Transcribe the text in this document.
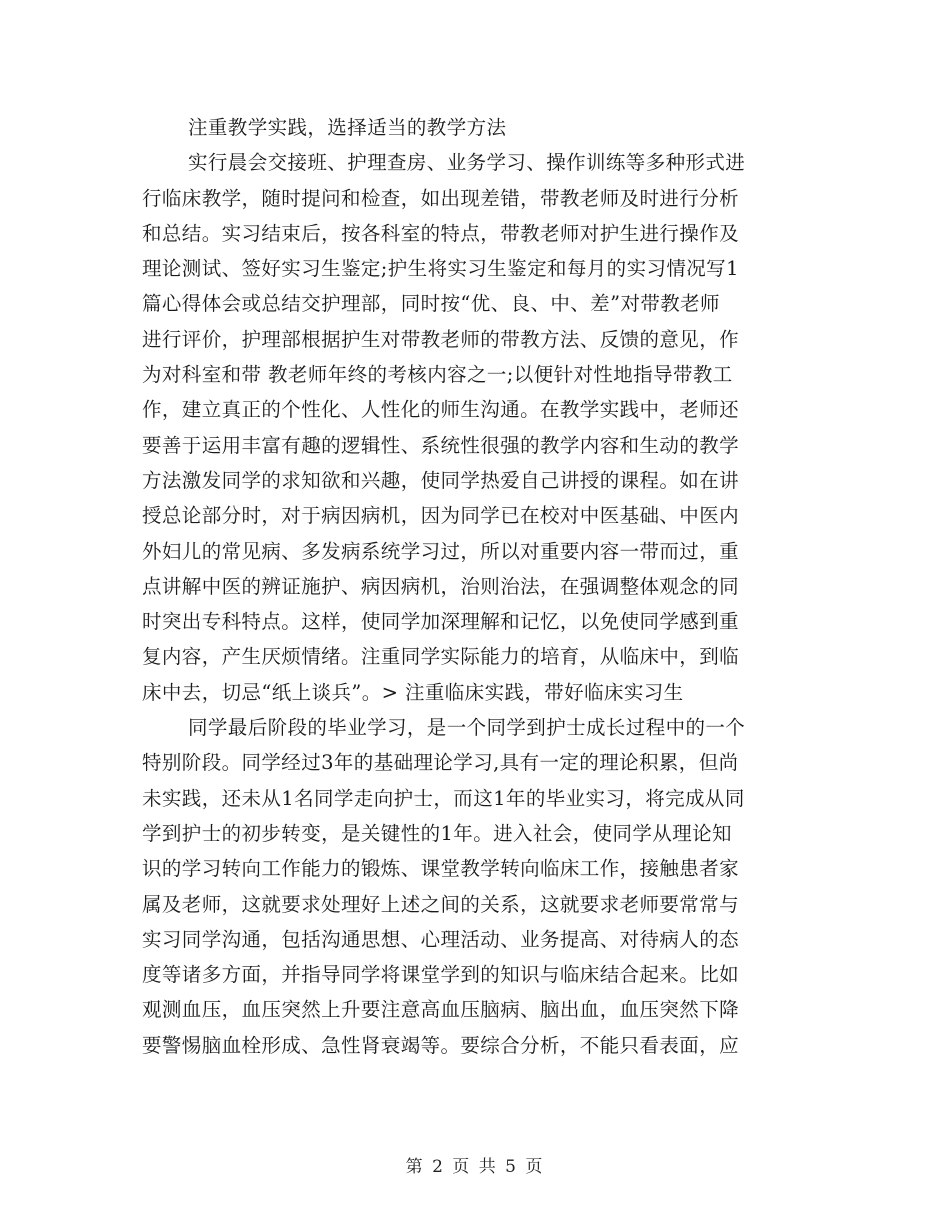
注重教学实践，选择适当的教学方法
实行晨会交接班、护理查房、业务学习、操作训练等多种形式进
行临床教学，随时提问和检查，如出现差错，带教老师及时进行分析
和总结。实习结束后，按各科室的特点，带教老师对护生进行操作及
理论测试、签好实习生鉴定;护生将实习生鉴定和每月的实习情况写1
篇心得体会或总结交护理部，同时按“优、良、中、差”对带教老师
进行评价，护理部根据护生对带教老师的带教方法、反馈的意见，作
为对科室和带 教老师年终的考核内容之一;以便针对性地指导带教工
作，建立真正的个性化、人性化的师生沟通。在教学实践中，老师还
要善于运用丰富有趣的逻辑性、系统性很强的教学内容和生动的教学
方法激发同学的求知欲和兴趣，使同学热爱自己讲授的课程。如在讲
授总论部分时，对于病因病机，因为同学已在校对中医基础、中医内
外妇儿的常见病、多发病系统学习过，所以对重要内容一带而过，重
点讲解中医的辨证施护、病因病机，治则治法，在强调整体观念的同
时突出专科特点。这样，使同学加深理解和记忆，以免使同学感到重
复内容，产生厌烦情绪。注重同学实际能力的培育，从临床中，到临
床中去，切忌“纸上谈兵”。> 注重临床实践，带好临床实习生
同学最后阶段的毕业学习，是一个同学到护士成长过程中的一个
特别阶段。同学经过3年的基础理论学习,具有一定的理论积累，但尚
未实践，还未从1名同学走向护士，而这1年的毕业实习，将完成从同
学到护士的初步转变，是关键性的1年。进入社会，使同学从理论知
识的学习转向工作能力的锻炼、课堂教学转向临床工作，接触患者家
属及老师，这就要求处理好上述之间的关系，这就要求老师要常常与
实习同学沟通，包括沟通思想、心理活动、业务提高、对待病人的态
度等诸多方面，并指导同学将课堂学到的知识与临床结合起来。比如
观测血压，血压突然上升要注意高血压脑病、脑出血，血压突然下降
要警惕脑血栓形成、急性肾衰竭等。要综合分析，不能只看表面，应
第 2 页 共 5 页
